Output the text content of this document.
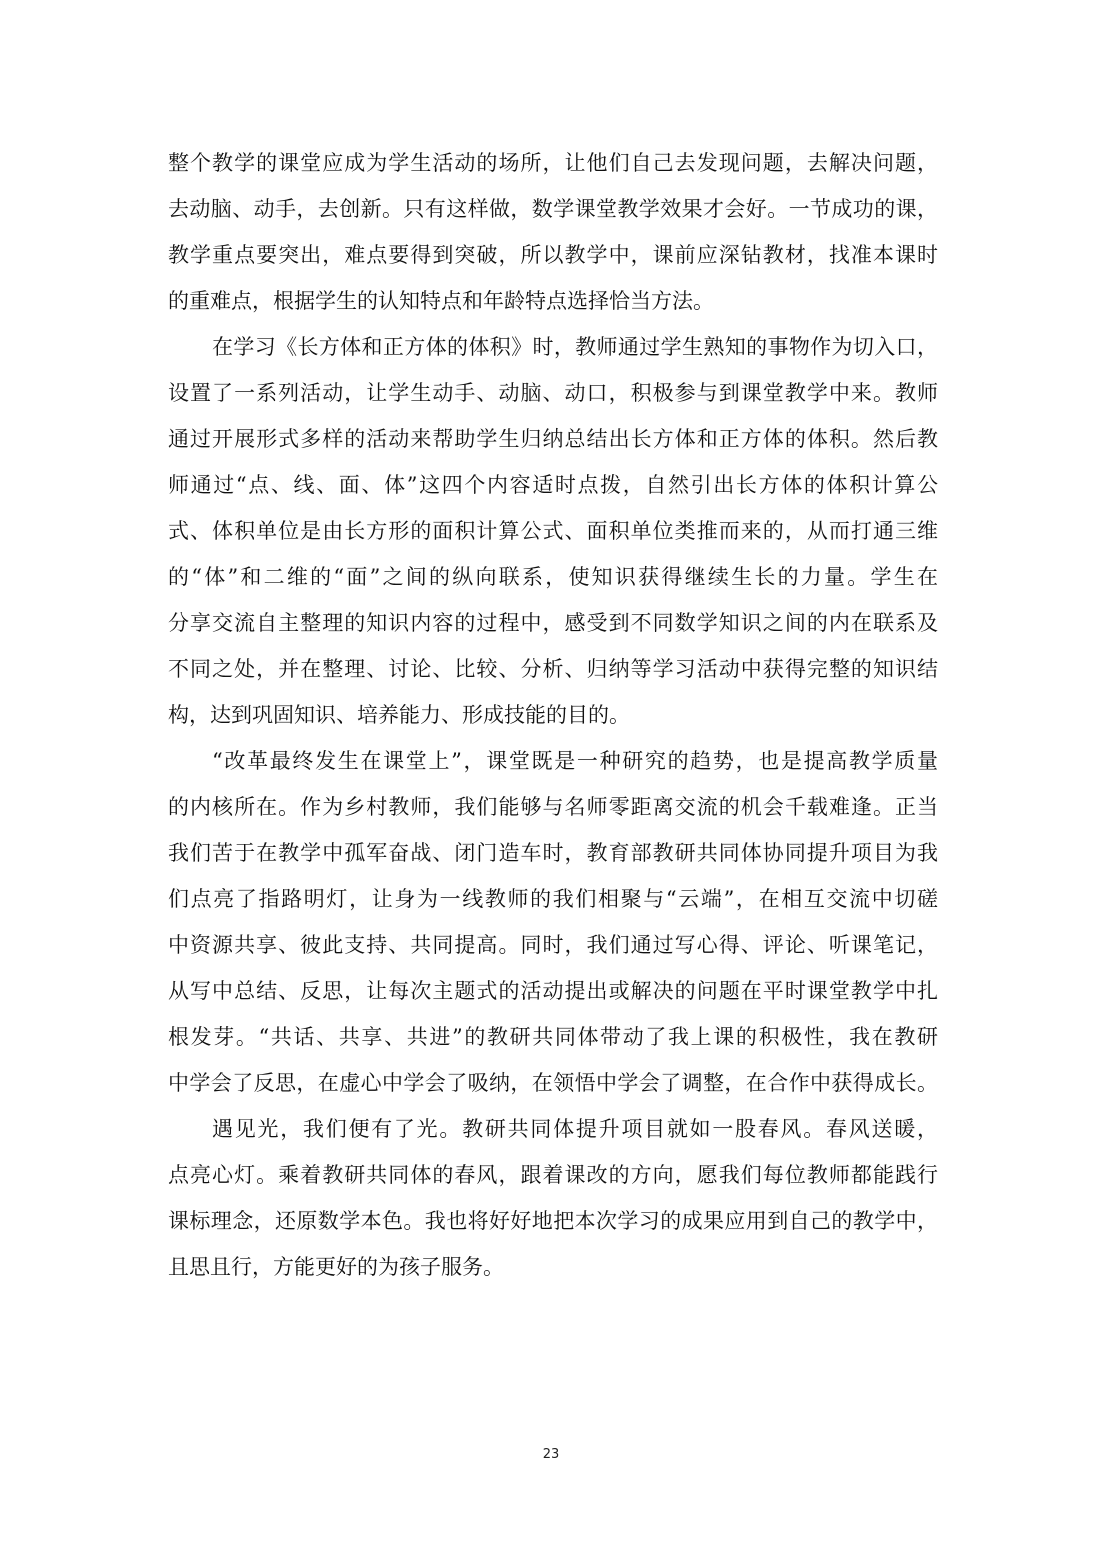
整个教学的课堂应成为学生活动的场所，让他们自己去发现问题，去解决问题，
去动脑、动手，去创新。只有这样做，数学课堂教学效果才会好。一节成功的课，
教学重点要突出，难点要得到突破，所以教学中，课前应深钻教材，找准本课时
的重难点，根据学生的认知特点和年龄特点选择恰当方法。
在学习《长方体和正方体的体积》时，教师通过学生熟知的事物作为切入口，
设置了一系列活动，让学生动手、动脑、动口，积极参与到课堂教学中来。教师
通过开展形式多样的活动来帮助学生归纳总结出长方体和正方体的体积。然后教
师通过“点、线、面、体”这四个内容适时点拨，自然引出长方体的体积计算公
式、体积单位是由长方形的面积计算公式、面积单位类推而来的，从而打通三维
的“体”和二维的“面”之间的纵向联系，使知识获得继续生长的力量。学生在
分享交流自主整理的知识内容的过程中，感受到不同数学知识之间的内在联系及
不同之处，并在整理、讨论、比较、分析、归纳等学习活动中获得完整的知识结
构，达到巩固知识、培养能力、形成技能的目的。
“改革最终发生在课堂上”，课堂既是一种研究的趋势，也是提高教学质量
的内核所在。作为乡村教师，我们能够与名师零距离交流的机会千载难逢。正当
我们苦于在教学中孤军奋战、闭门造车时，教育部教研共同体协同提升项目为我
们点亮了指路明灯，让身为一线教师的我们相聚与“云端”，在相互交流中切磋
中资源共享、彼此支持、共同提高。同时，我们通过写心得、评论、听课笔记，
从写中总结、反思，让每次主题式的活动提出或解决的问题在平时课堂教学中扎
根发芽。“共话、共享、共进”的教研共同体带动了我上课的积极性，我在教研
中学会了反思，在虚心中学会了吸纳，在领悟中学会了调整，在合作中获得成长。
遇见光，我们便有了光。教研共同体提升项目就如一股春风。春风送暖，
点亮心灯。乘着教研共同体的春风，跟着课改的方向，愿我们每位教师都能践行
课标理念，还原数学本色。我也将好好地把本次学习的成果应用到自己的教学中，
且思且行，方能更好的为孩子服务。
23
